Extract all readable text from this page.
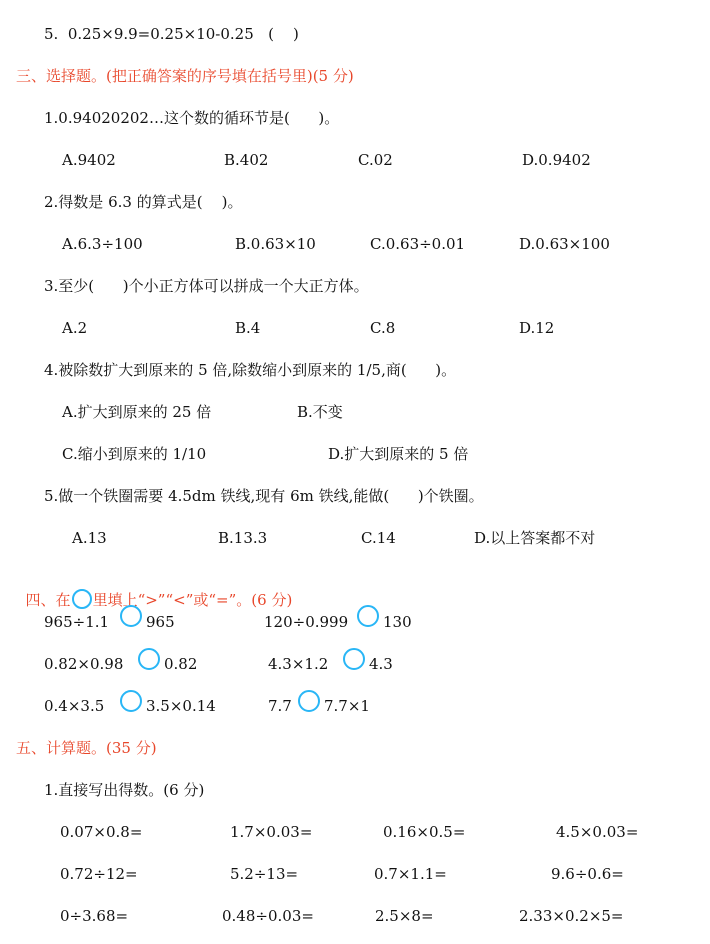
5.  0.25×9.9=0.25×10-0.25   (    )
三、选择题。(把正确答案的序号填在括号里)(5 分)
1.0.94020202…这个数的循环节是(      )。
A.9402	B.402	C.02	D.0.9402
2.得数是 6.3 的算式是(    )。
A.6.3÷100	B.0.63×10	C.0.63÷0.01	D.0.63×100
3.至少(      )个小正方体可以拼成一个大正方体。
A.2	B.4	C.8	D.12
4.被除数扩大到原来的 5 倍,除数缩小到原来的 1/5,商(      )。
A.扩大到原来的 25 倍	B.不变
C.缩小到原来的 1/10	D.扩大到原来的 5 倍
5.做一个铁圈需要 4.5dm 铁线,现有 6m 铁线,能做(      )个铁圈。
A.13	B.13.3	C.14	D.以上答案都不对

四、在 里填上“>”“<”或“=”。(6 分)

965÷1.1 965	120÷0.999 130
0.82×0.98	0.82	4.3×1.2	4.3
0.4×3.5	3.5×0.14	7.7 7.7×1
五、计算题。(35 分)
1.直接写出得数。(6 分)
0.07×0.8=	1.7×0.03=	0.16×0.5=	4.5×0.03=
0.72÷12=	5.2÷13=	0.7×1.1=	9.6÷0.6=
0÷3.68=	0.48÷0.03=	2.5×8=	2.33×0.2×5=
